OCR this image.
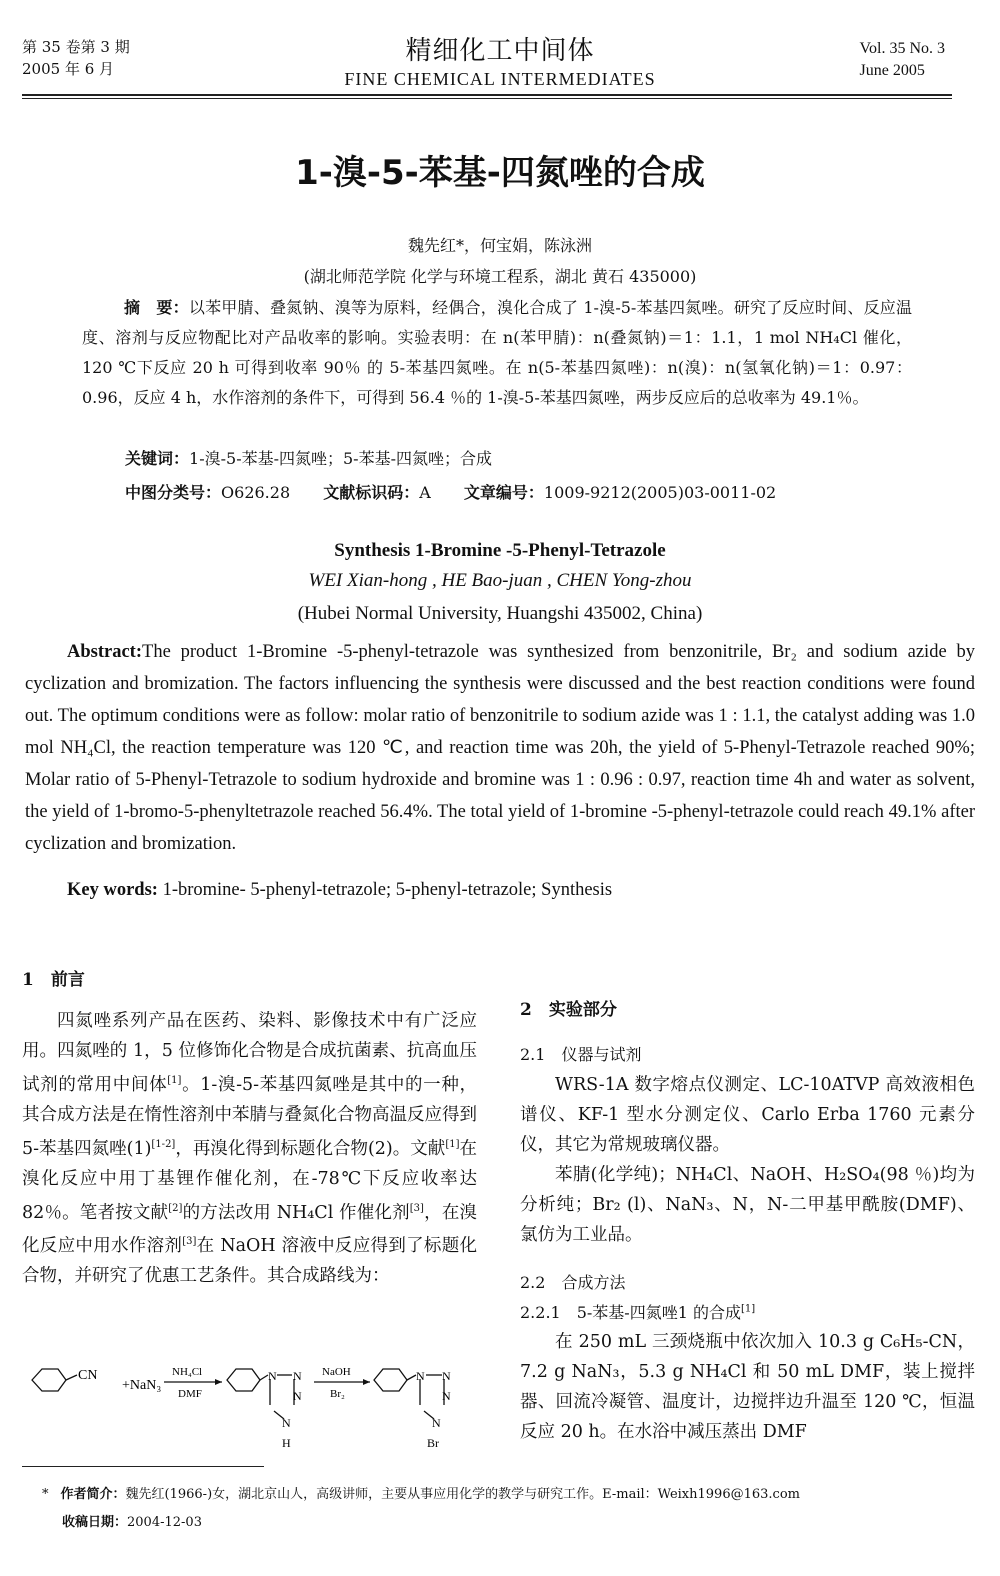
第 35 卷第 3 期
2005 年 6 月
精细化工中间体
FINE CHEMICAL INTERMEDIATES
Vol. 35 No. 3
June 2005
1-溴-5-苯基-四氮唑的合成
魏先红*，何宝娟，陈泳洲
(湖北师范学院 化学与环境工程系，湖北 黄石 435000)
摘　要：以苯甲腈、叠氮钠、溴等为原料，经偶合，溴化合成了 1-溴-5-苯基四氮唑。研究了反应时间、反应温度、溶剂与反应物配比对产品收率的影响。实验表明：在 n(苯甲腈)：n(叠氮钠)＝1：1.1，1 mol NH₄Cl 催化，120 ℃下反应 20 h 可得到收率 90％ 的 5-苯基四氮唑。在 n(5-苯基四氮唑)：n(溴)：n(氢氧化钠)＝1：0.97：0.96，反应 4 h，水作溶剂的条件下，可得到 56.4 ％的 1-溴-5-苯基四氮唑，两步反应后的总收率为 49.1％。
关键词：1-溴-5-苯基-四氮唑；5-苯基-四氮唑；合成
中图分类号：O626.28 文献标识码：A 文章编号：1009-9212(2005)03-0011-02
Synthesis 1-Bromine -5-Phenyl-Tetrazole
WEI Xian-hong , HE Bao-juan , CHEN Yong-zhou
(Hubei Normal University, Huangshi 435002, China)

Abstract:The product 1-Bromine -5-phenyl-tetrazole was synthesized from benzonitrile, Br₂ and sodium azide by cyclization and bromization. The factors influencing the synthesis were discussed and the best reaction conditions were found out. The optimum conditions were as follow: molar ratio of benzonitrile to sodium azide was 1 : 1.1, the catalyst adding was 1.0 mol NH₄Cl, the reaction temperature was 120 ℃, and reaction time was 20h, the yield of 5-Phenyl-Tetrazole reached 90%; Molar ratio of 5-Phenyl-Tetrazole to sodium hydroxide and bromine was 1 : 0.96 : 0.97, reaction time 4h and water as solvent, the yield of 1-bromo-5-phenyltetrazole reached 56.4%. The total yield of 1-bromine -5-phenyl-tetrazole could reach 49.1% after cyclization and bromization.

Key words: 1-bromine- 5-phenyl-tetrazole; 5-phenyl-tetrazole; Synthesis
1　前言

四氮唑系列产品在医药、染料、影像技术中有广泛应用。四氮唑的 1，5 位修饰化合物是合成抗菌素、抗高血压试剂的常用中间体[1]。1-溴-5-苯基四氮唑是其中的一种，其合成方法是在惰性溶剂中苯腈与叠氮化合物高温反应得到 5-苯基四氮唑(1)[1-2]，再溴化得到标题化合物(2)。文献[1]在溴化反应中用丁基锂作催化剂，在-78℃下反应收率达 82％。笔者按文献[2]的方法改用 NH₄Cl 作催化剂[3]，在溴化反应中用水作溶剂[3]在 NaOH 溶液中反应得到了标题化合物，并研究了优惠工艺条件。其合成路线为：

CN
+NaN₃
NH₄Cl
DMF
N N
N
N
H
NaOH
Br₂
N N
N
N
Br
2　实验部分
2.1　仪器与试剂

WRS-1A 数字熔点仪测定、LC-10ATVP 高效液相色谱仪、KF-1 型水分测定仪、Carlo Erba 1760 元素分仪，其它为常规玻璃仪器。

苯腈(化学纯)；NH₄Cl、NaOH、H₂SO₄(98 ％)均为分析纯；Br₂ (l)、NaN₃、N，N-二甲基甲酰胺(DMF)、氯仿为工业品。

2.2　合成方法
2.2.1　5-苯基-四氮唑1 的合成[1]

在 250 mL 三颈烧瓶中依次加入 10.3 g C₆H₅-CN，7.2 g NaN₃，5.3 g NH₄Cl 和 50 mL DMF，装上搅拌器、回流冷凝管、温度计，边搅拌边升温至 120 ℃，恒温反应 20 h。在水浴中减压蒸出 DMF

* 作者简介：魏先红(1966-)女，湖北京山人，高级讲师，主要从事应用化学的教学与研究工作。E-mail：Weixh1996@163.com
收稿日期：2004-12-03
